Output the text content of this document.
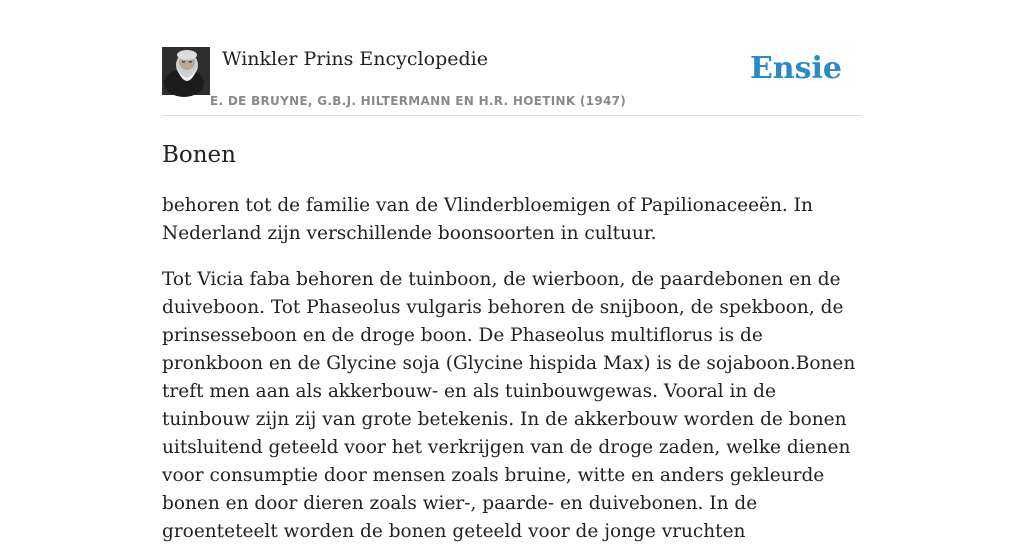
Winkler Prins Encyclopedie
E. DE BRUYNE, G.B.J. HILTERMANN EN H.R. HOETINK (1947)
Ensie
Bonen

behoren tot de familie van de Vlinderbloemigen of Papilionaceeën. In Nederland zijn verschillende boonsoorten in cultuur.

Tot Vicia faba behoren de tuinboon, de wierboon, de paardebonen en de duiveboon. Tot Phaseolus vulgaris behoren de snijboon, de spekboon, de prinsesseboon en de droge boon. De Phaseolus multiflorus is de pronkboon en de Glycine soja (Glycine hispida Max) is de sojaboon.Bonen treft men aan als akkerbouw- en als tuinbouwgewas. Vooral in de tuinbouw zijn zij van grote betekenis. In de akkerbouw worden de bonen uitsluitend geteeld voor het verkrijgen van de droge zaden, welke dienen voor consumptie door mensen zoals bruine, witte en anders gekleurde bonen en door dieren zoals wier-, paarde- en duivebonen. In de groenteteelt worden de bonen geteeld voor de jonge vruchten
